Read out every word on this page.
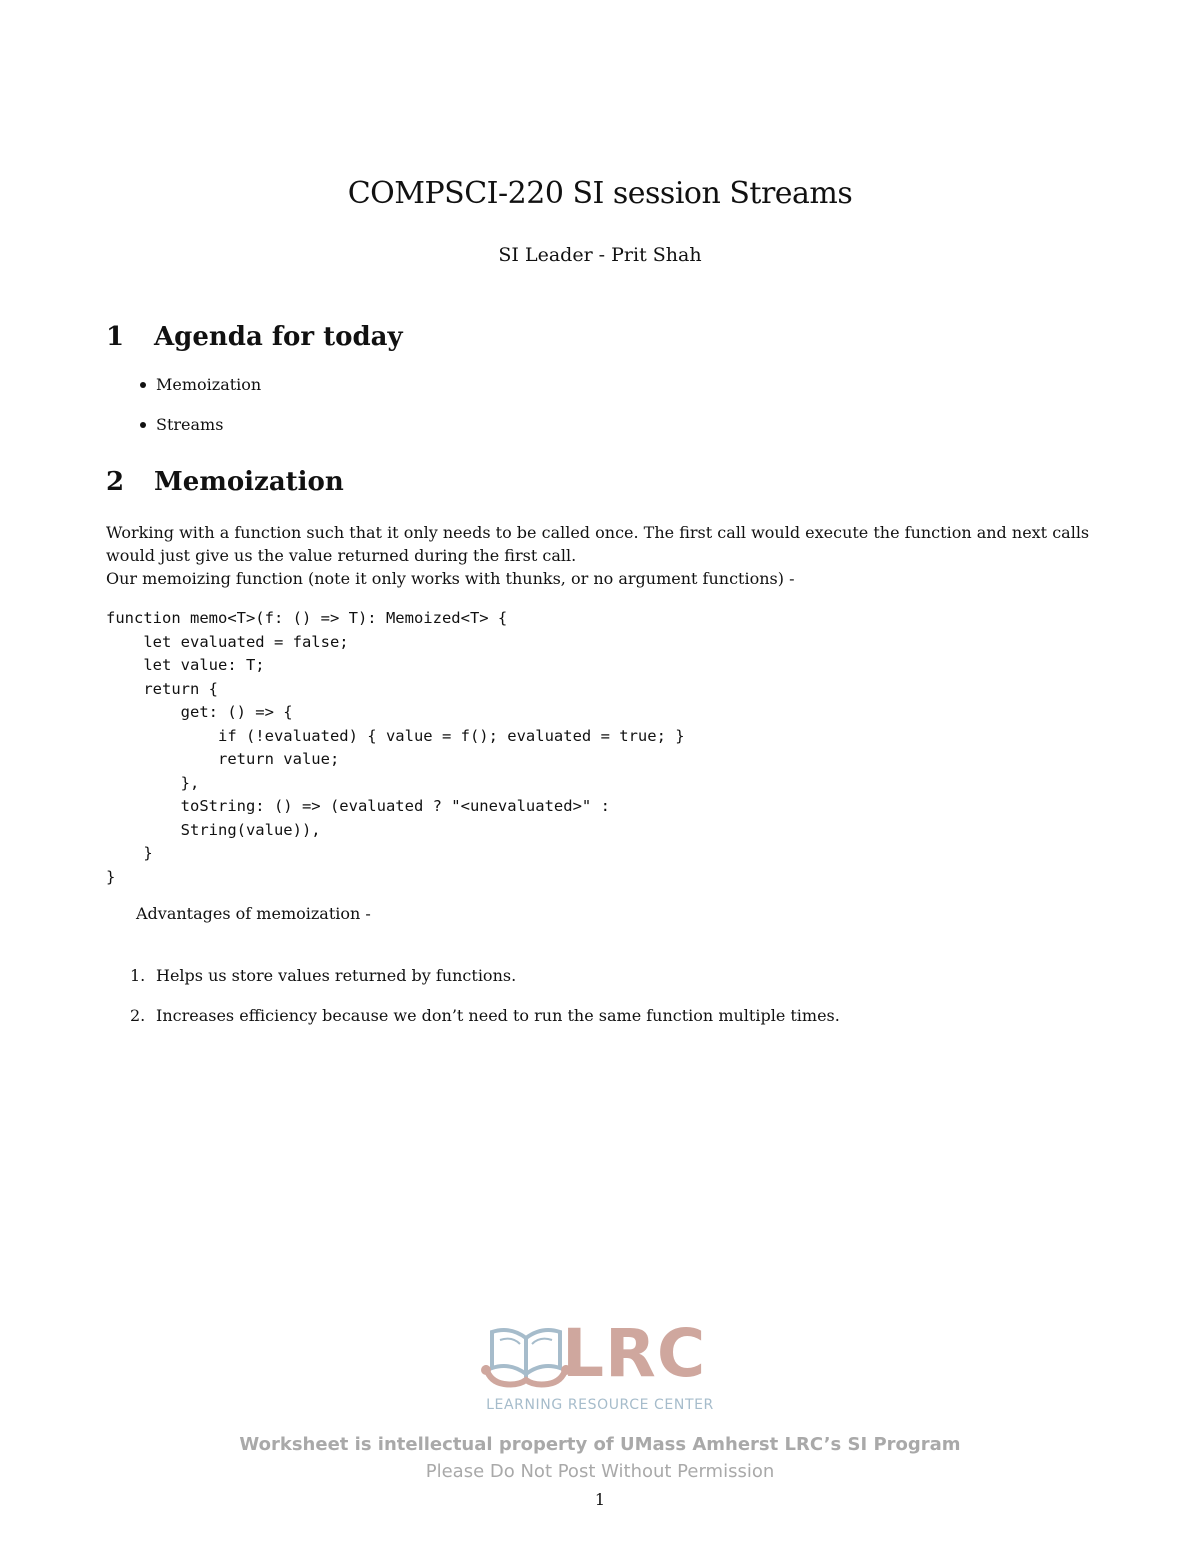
COMPSCI-220 SI session Streams
SI Leader - Prit Shah
1 Agenda for today
Memoization
Streams
2 Memoization
Working with a function such that it only needs to be called once. The first call would execute the function and next calls would just give us the value returned during the first call.
Our memoizing function (note it only works with thunks, or no argument functions) -
function memo<T>(f: () => T): Memoized<T> {
let evaluated = false;
let value: T;
return {
get: () => {
if (!evaluated) { value = f(); evaluated = true; }
return value;
},
toString: () => (evaluated ? "<unevaluated>" :
String(value)),
}
}
Advantages of memoization -
1. Helps us store values returned by functions.
2. Increases efficiency because we don’t need to run the same function multiple times.
LRC
LEARNING RESOURCE CENTER
Worksheet is intellectual property of UMass Amherst LRC’s SI Program
Please Do Not Post Without Permission
1
